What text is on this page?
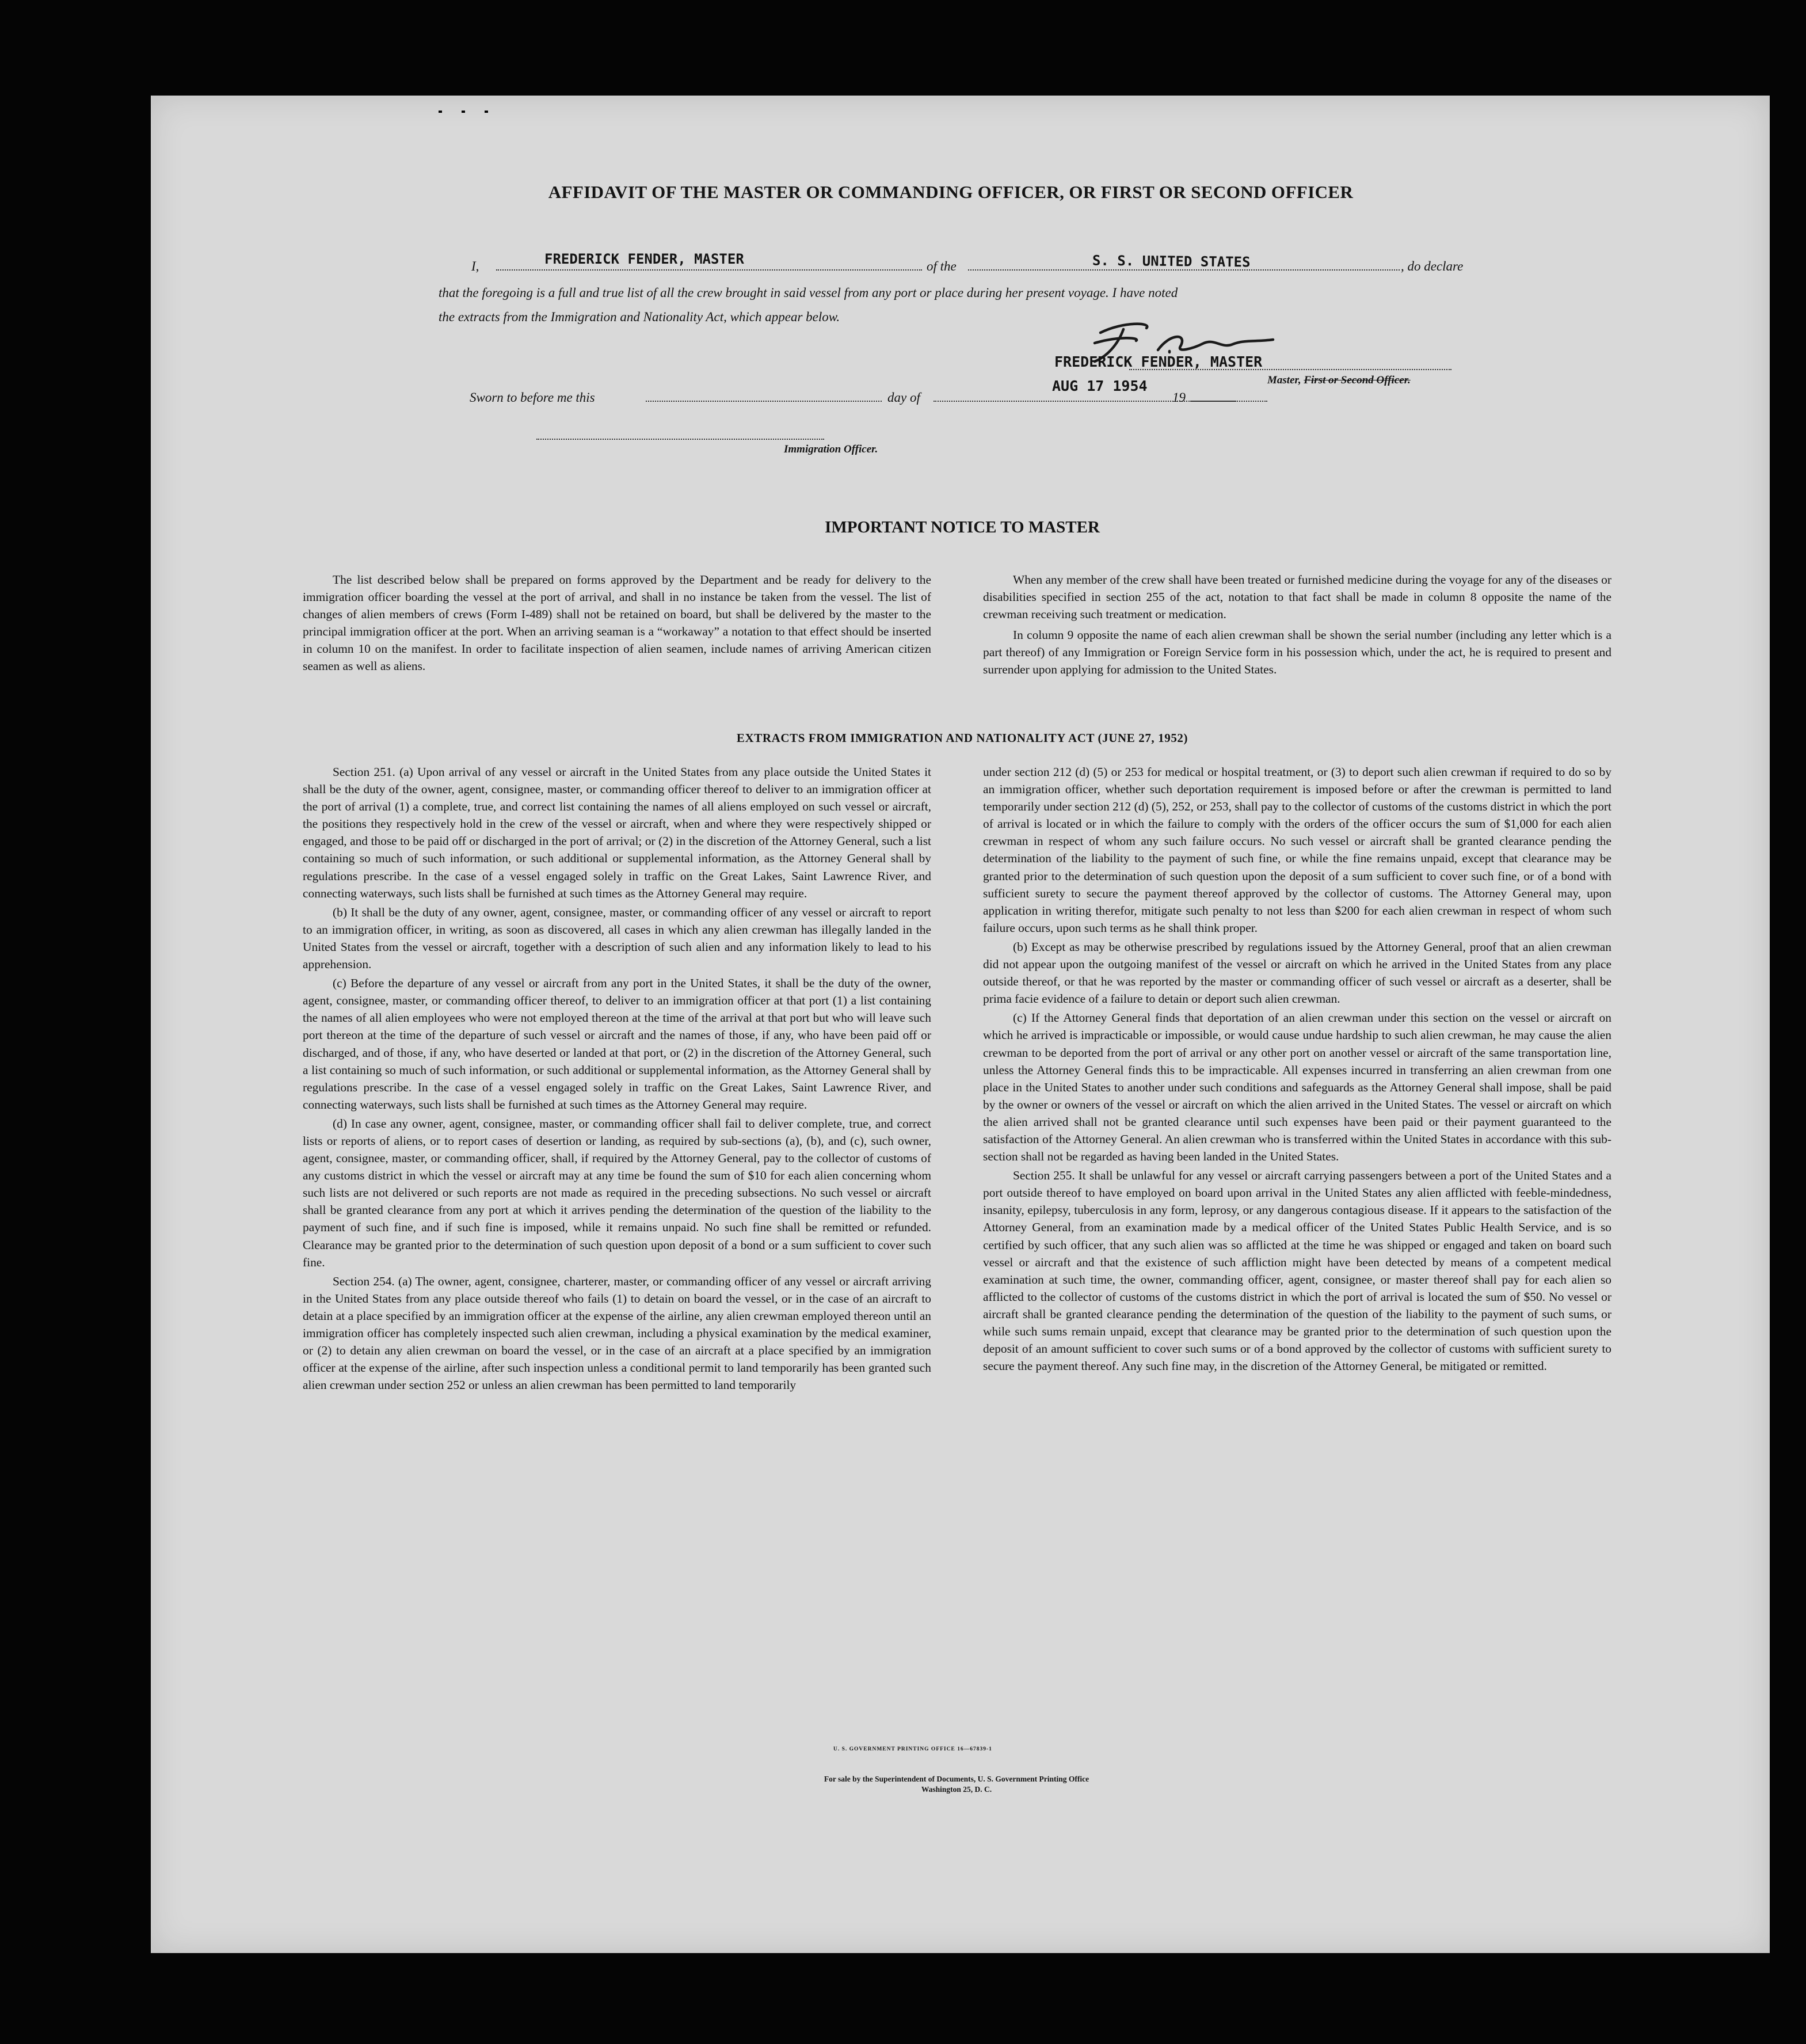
AFFIDAVIT OF THE MASTER OR COMMANDING OFFICER, OR FIRST OR SECOND OFFICER
I,	FREDERICK FENDER, MASTER	of the	S. S. UNITED STATES	, do declare
that the foregoing is a full and true list of all the crew brought in said vessel from any port or place during her present voyage. I have noted
the extracts from the Immigration and Nationality Act, which appear below.
FREDERICK FENDER, MASTER
Master, First or Second Officer.
Sworn to before me this	day of
AUG 17 1954
19
Immigration Officer.
IMPORTANT NOTICE TO MASTER

The list described below shall be prepared on forms approved by the Department and be ready for delivery to the immigration officer boarding the vessel at the port of arrival, and shall in no instance be taken from the vessel. The list of changes of alien members of crews (Form I-489) shall not be retained on board, but shall be delivered by the master to the principal immigration officer at the port. When an arriving seaman is a “workaway” a notation to that effect should be inserted in column 10 on the manifest. In order to facilitate inspection of alien seamen, include names of arriving American citizen seamen as well as aliens.

When any member of the crew shall have been treated or furnished medicine during the voyage for any of the diseases or disabilities specified in section 255 of the act, notation to that fact shall be made in column 8 opposite the name of the crewman receiving such treatment or medication.

In column 9 opposite the name of each alien crewman shall be shown the serial number (including any letter which is a part thereof) of any Immigration or Foreign Service form in his possession which, under the act, he is required to present and surrender upon applying for admission to the United States.

EXTRACTS FROM IMMIGRATION AND NATIONALITY ACT (JUNE 27, 1952)

Section 251. (a) Upon arrival of any vessel or aircraft in the United States from any place outside the United States it shall be the duty of the owner, agent, consignee, master, or commanding officer thereof to deliver to an immigration officer at the port of arrival (1) a complete, true, and correct list containing the names of all aliens employed on such vessel or aircraft, the positions they respectively hold in the crew of the vessel or aircraft, when and where they were respectively shipped or engaged, and those to be paid off or discharged in the port of arrival; or (2) in the discretion of the Attorney General, such a list containing so much of such information, or such additional or supplemental information, as the Attorney General shall by regulations prescribe. In the case of a vessel engaged solely in traffic on the Great Lakes, Saint Lawrence River, and connecting waterways, such lists shall be furnished at such times as the Attorney General may require.

(b) It shall be the duty of any owner, agent, consignee, master, or commanding officer of any vessel or aircraft to report to an immigration officer, in writing, as soon as discovered, all cases in which any alien crewman has illegally landed in the United States from the vessel or aircraft, together with a description of such alien and any information likely to lead to his apprehension.

(c) Before the departure of any vessel or aircraft from any port in the United States, it shall be the duty of the owner, agent, consignee, master, or commanding officer thereof, to deliver to an immigration officer at that port (1) a list containing the names of all alien employees who were not employed thereon at the time of the arrival at that port but who will leave such port thereon at the time of the departure of such vessel or aircraft and the names of those, if any, who have been paid off or discharged, and of those, if any, who have deserted or landed at that port, or (2) in the discretion of the Attorney General, such a list containing so much of such information, or such additional or supplemental information, as the Attorney General shall by regulations prescribe. In the case of a vessel engaged solely in traffic on the Great Lakes, Saint Lawrence River, and connecting waterways, such lists shall be furnished at such times as the Attorney General may require.

(d) In case any owner, agent, consignee, master, or commanding officer shall fail to deliver complete, true, and correct lists or reports of aliens, or to report cases of desertion or landing, as required by sub-sections (a), (b), and (c), such owner, agent, consignee, master, or commanding officer, shall, if required by the Attorney General, pay to the collector of customs of any customs district in which the vessel or aircraft may at any time be found the sum of $10 for each alien concerning whom such lists are not delivered or such reports are not made as required in the preceding subsections. No such vessel or aircraft shall be granted clearance from any port at which it arrives pending the determination of the question of the liability to the payment of such fine, and if such fine is imposed, while it remains unpaid. No such fine shall be remitted or refunded. Clearance may be granted prior to the determination of such question upon deposit of a bond or a sum sufficient to cover such fine.

Section 254. (a) The owner, agent, consignee, charterer, master, or commanding officer of any vessel or aircraft arriving in the United States from any place outside thereof who fails (1) to detain on board the vessel, or in the case of an aircraft to detain at a place specified by an immigration officer at the expense of the airline, any alien crewman employed thereon until an immigration officer has completely inspected such alien crewman, including a physical examination by the medical examiner, or (2) to detain any alien crewman on board the vessel, or in the case of an aircraft at a place specified by an immigration officer at the expense of the airline, after such inspection unless a conditional permit to land temporarily has been granted such alien crewman under section 252 or unless an alien crewman has been permitted to land temporarily

under section 212 (d) (5) or 253 for medical or hospital treatment, or (3) to deport such alien crewman if required to do so by an immigration officer, whether such deportation requirement is imposed before or after the crewman is permitted to land temporarily under section 212 (d) (5), 252, or 253, shall pay to the collector of customs of the customs district in which the port of arrival is located or in which the failure to comply with the orders of the officer occurs the sum of $1,000 for each alien crewman in respect of whom any such failure occurs. No such vessel or aircraft shall be granted clearance pending the determination of the liability to the payment of such fine, or while the fine remains unpaid, except that clearance may be granted prior to the determination of such question upon the deposit of a sum sufficient to cover such fine, or of a bond with sufficient surety to secure the payment thereof approved by the collector of customs. The Attorney General may, upon application in writing therefor, mitigate such penalty to not less than $200 for each alien crewman in respect of whom such failure occurs, upon such terms as he shall think proper.

(b) Except as may be otherwise prescribed by regulations issued by the Attorney General, proof that an alien crewman did not appear upon the outgoing manifest of the vessel or aircraft on which he arrived in the United States from any place outside thereof, or that he was reported by the master or commanding officer of such vessel or aircraft as a deserter, shall be prima facie evidence of a failure to detain or deport such alien crewman.

(c) If the Attorney General finds that deportation of an alien crewman under this section on the vessel or aircraft on which he arrived is impracticable or impossible, or would cause undue hardship to such alien crewman, he may cause the alien crewman to be deported from the port of arrival or any other port on another vessel or aircraft of the same transportation line, unless the Attorney General finds this to be impracticable. All expenses incurred in transferring an alien crewman from one place in the United States to another under such conditions and safeguards as the Attorney General shall impose, shall be paid by the owner or owners of the vessel or aircraft on which the alien arrived in the United States. The vessel or aircraft on which the alien arrived shall not be granted clearance until such expenses have been paid or their payment guaranteed to the satisfaction of the Attorney General. An alien crewman who is transferred within the United States in accordance with this sub-section shall not be regarded as having been landed in the United States.

Section 255. It shall be unlawful for any vessel or aircraft carrying passengers between a port of the United States and a port outside thereof to have employed on board upon arrival in the United States any alien afflicted with feeble-mindedness, insanity, epilepsy, tuberculosis in any form, leprosy, or any dangerous contagious disease. If it appears to the satisfaction of the Attorney General, from an examination made by a medical officer of the United States Public Health Service, and is so certified by such officer, that any such alien was so afflicted at the time he was shipped or engaged and taken on board such vessel or aircraft and that the existence of such affliction might have been detected by means of a competent medical examination at such time, the owner, commanding officer, agent, consignee, or master thereof shall pay for each alien so afflicted to the collector of customs of the customs district in which the port of arrival is located the sum of $50. No vessel or aircraft shall be granted clearance pending the determination of the question of the liability to the payment of such sums, or while such sums remain unpaid, except that clearance may be granted prior to the determination of such question upon the deposit of an amount sufficient to cover such sums or of a bond approved by the collector of customs with sufficient surety to secure the payment thereof. Any such fine may, in the discretion of the Attorney General, be mitigated or remitted.

U. S. GOVERNMENT PRINTING OFFICE 16—67839-1
For sale by the Superintendent of Documents, U. S. Government Printing Office
Washington 25, D. C.
